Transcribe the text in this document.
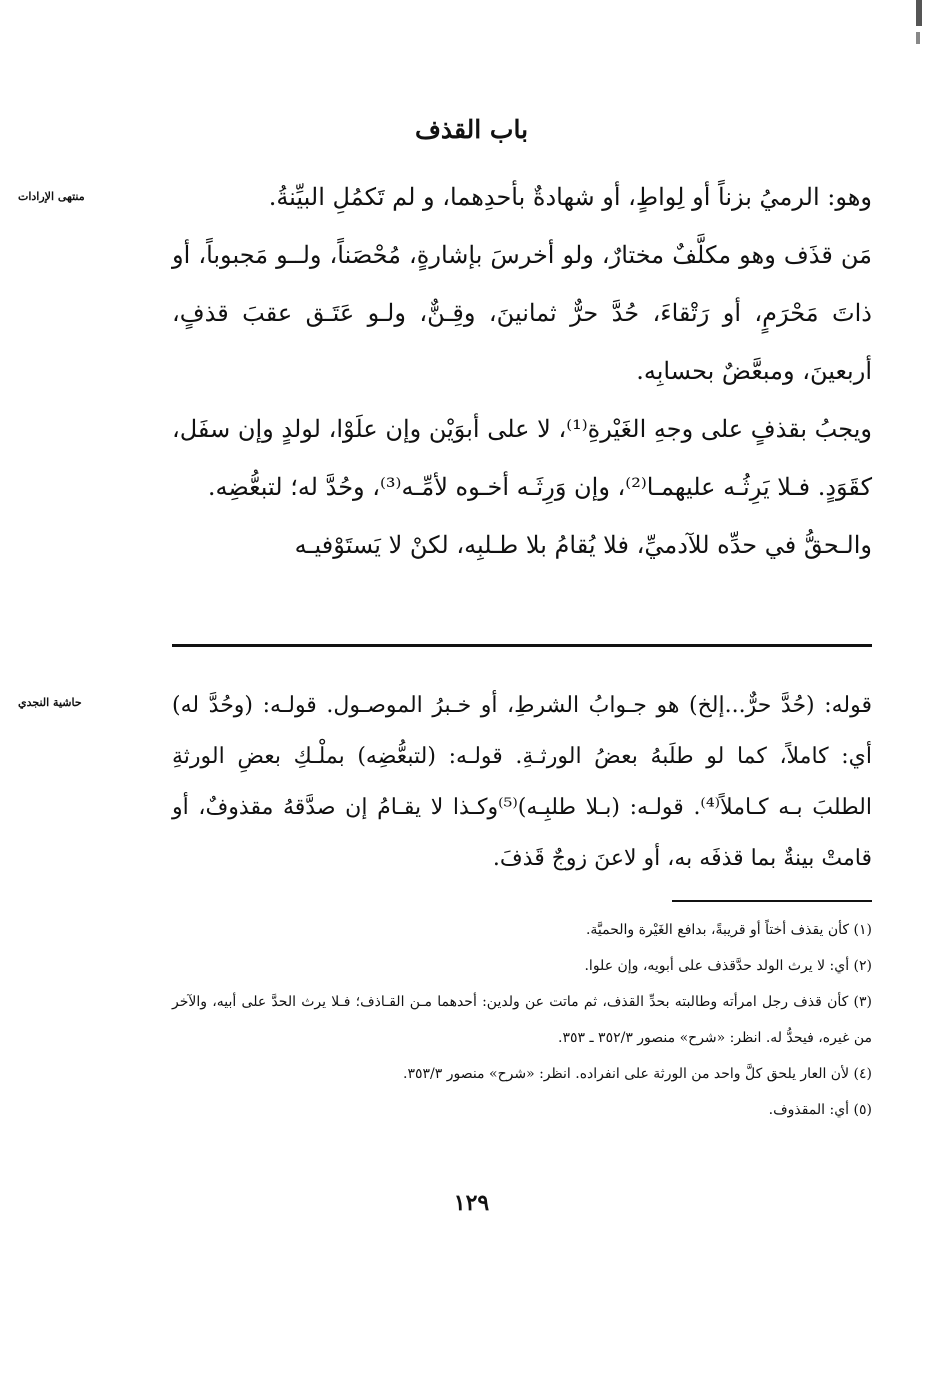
باب القذف
منتهى الإرادات	وهو: الرميُ بزناً أو لِواطٍ، أو شهادةٌ بأحدِهما، و لم تَكمُلِ البيِّنةُ.

مَن قذَف وهو مكلَّفٌ مختارٌ، ولو أخرسَ بإشارةٍ، مُحْصَناً، ولــو مَجبوباً، أو ذاتَ مَحْرَمٍ، أو رَتْقاءَ، حُدَّ حرٌّ ثمانينَ، وقِـنٌّ، ولـو عَتَـق عقبَ قذفٍ، أربعينَ، ومبعَّضٌ بحسابِه.

ويجبُ بقذفٍ على وجهِ الغَيْرةِ⁽¹⁾، لا على أبوَيْن وإن علَوْا، لولدٍ وإن سفَل، كقَوَدٍ. فـلا يَرِثُـه عليهمـا⁽²⁾، وإن وَرِثَـه أخـوه لأمِّـه⁽³⁾، وحُدَّ له؛ لتبعُّضِه.

والـحقُّ في حدِّه للآدميِّ، فلا يُقامُ بلا طـلبِه، لكنْ لا يَستَوْفيـه

حاشية النجدي	قوله: (حُدَّ حرٌّ...إلخ) هو جـوابُ الشرطِ، أو خـبرُ الموصـول. قولـه: (وحُدَّ له) أي: كاملاً، كما لو طلَبهُ بعضُ الورثـةِ. قولـه: (لتبعُّضِه) بملْـكِ بعضِ الورثةِ الطلبَ بـه كـاملاً⁽⁴⁾. قولـه: (بـلا طلبِـه)⁽⁵⁾وكـذا لا يقـامُ إن صدَّقهُ مقذوفٌ، أو قامتْ بينةٌ بما قذفَه به، أو لاعنَ زوجٌ قَذفَ.

(١) كأن يقذف أختاً أو قريبةً، بدافع الغَيْرة والحميَّة.

(٢) أي: لا يرث الولد حدَّقذف على أبويه، وإن علوا.

(٣) كأن قذف رجل امرأته وطالبته بحدِّ القذف، ثم ماتت عن ولدين: أحدهما مـن القـاذف؛ فـلا يرث الحدَّ على أبيه، والآخر من غيره، فيحدُّ له. انظر: «شرح» منصور ٣٥٢/٣ ـ ٣٥٣.

(٤) لأن العار يلحق كلَّ واحد من الورثة على انفراده. انظر: «شرح» منصور ٣٥٣/٣.

(٥) أي: المقذوف.

١٢٩
